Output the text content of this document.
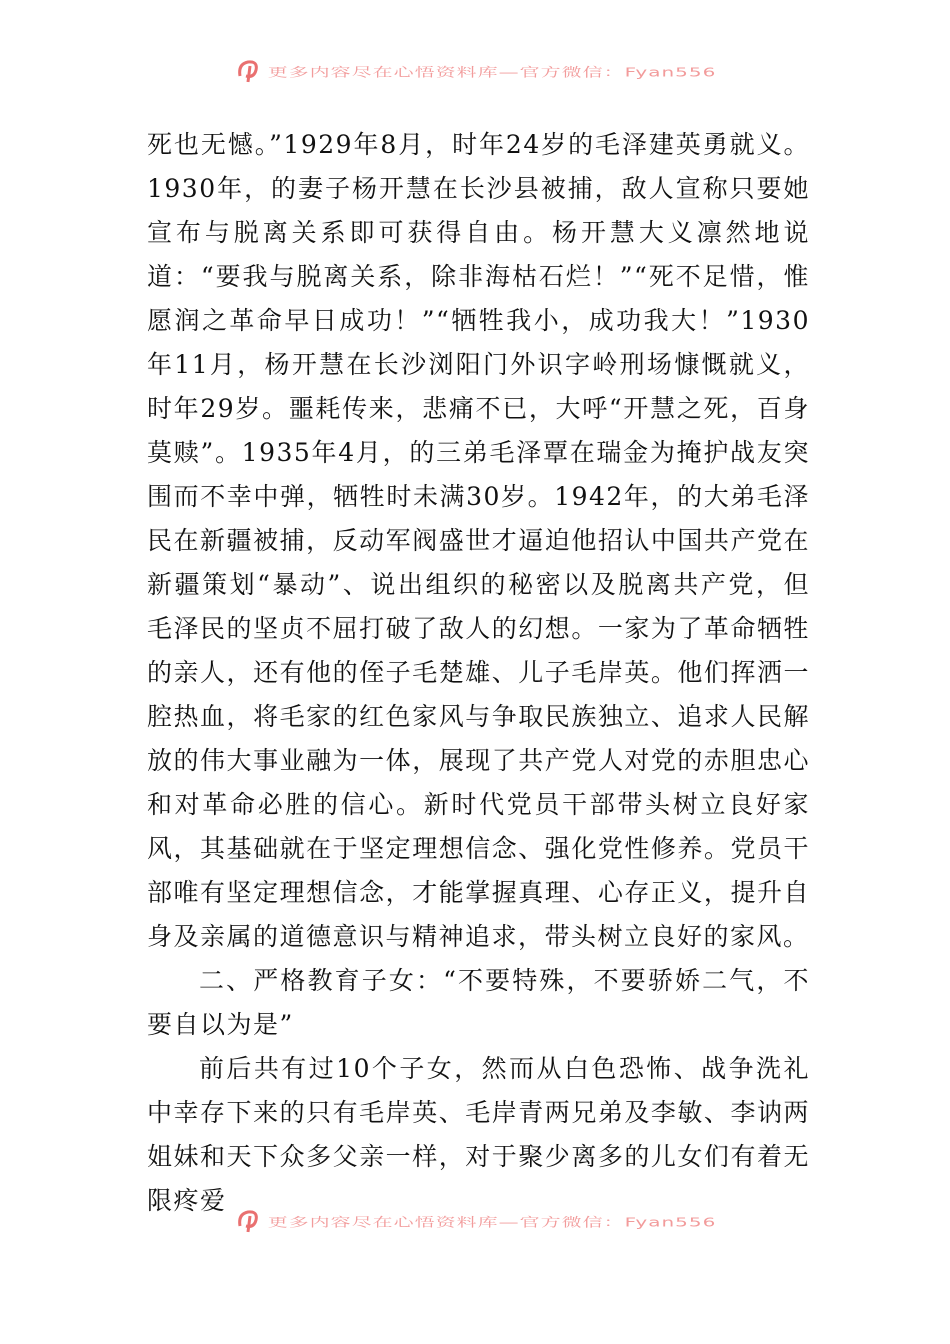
更多内容尽在心悟资料库—官方微信：Fyan556

死也无憾。”1929年8月，时年24岁的毛泽建英勇就义。1930年，的妻子杨开慧在长沙县被捕，敌人宣称只要她宣布与脱离关系即可获得自由。杨开慧大义凛然地说道：“要我与脱离关系，除非海枯石烂！”“死不足惜，惟愿润之革命早日成功！”“牺牲我小，成功我大！”1930年11月，杨开慧在长沙浏阳门外识字岭刑场慷慨就义，时年29岁。噩耗传来，悲痛不已，大呼“开慧之死，百身莫赎”。1935年4月，的三弟毛泽覃在瑞金为掩护战友突围而不幸中弹，牺牲时未满30岁。1942年，的大弟毛泽民在新疆被捕，反动军阀盛世才逼迫他招认中国共产党在新疆策划“暴动”、说出组织的秘密以及脱离共产党，但毛泽民的坚贞不屈打破了敌人的幻想。一家为了革命牺牲的亲人，还有他的侄子毛楚雄、儿子毛岸英。他们挥洒一腔热血，将毛家的红色家风与争取民族独立、追求人民解放的伟大事业融为一体，展现了共产党人对党的赤胆忠心和对革命必胜的信心。新时代党员干部带头树立良好家风，其基础就在于坚定理想信念、强化党性修养。党员干部唯有坚定理想信念，才能掌握真理、心存正义，提升自身及亲属的道德意识与精神追求，带头树立良好的家风。

二、严格教育子女：“不要特殊，不要骄娇二气，不要自以为是”

前后共有过10个子女，然而从白色恐怖、战争洗礼中幸存下来的只有毛岸英、毛岸青两兄弟及李敏、李讷两姐妹和天下众多父亲一样，对于聚少离多的儿女们有着无限疼爱

更多内容尽在心悟资料库—官方微信：Fyan556
